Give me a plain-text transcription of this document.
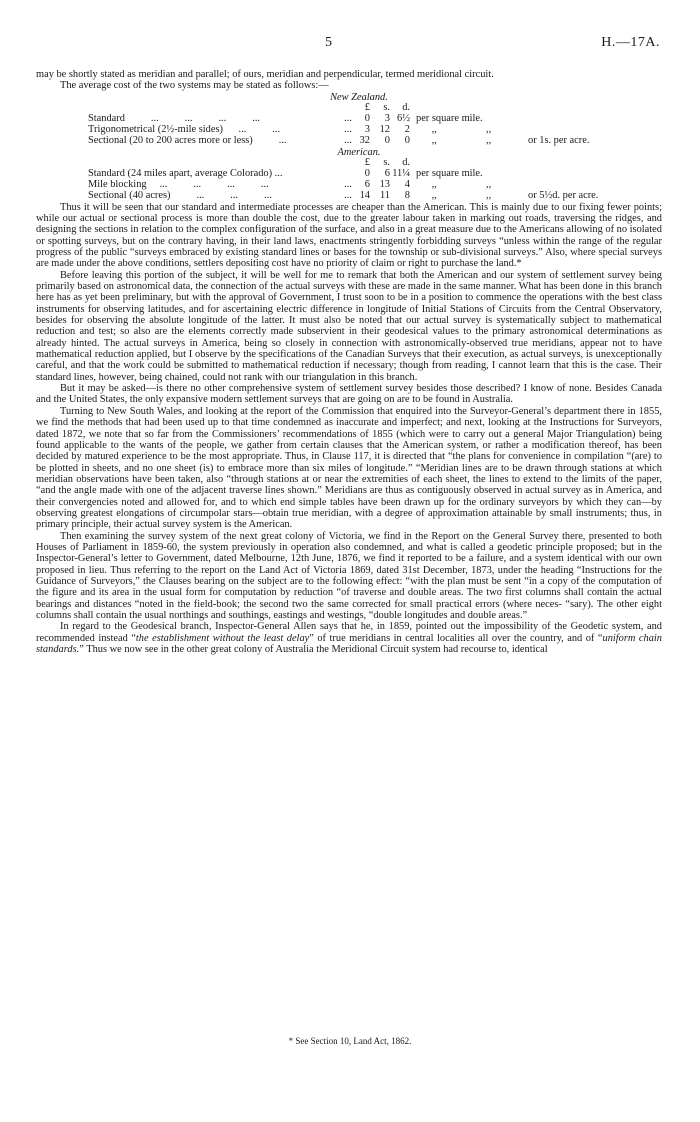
5	H.—17A.

may be shortly stated as meridian and parallel; of ours, meridian and perpendicular, termed meridional circuit.

The average cost of the two systems may be stated as follows:—

New Zealand.
		£	s.	d.			
Standard          ...          ...          ...          ...	...	0	3	6½	per square mile.		
Trigonometrical (2½-mile sides)      ...          ...	...	3	12	2	,,	,,	
Sectional (20 to 200 acres more or less)          ...	...	32	0	0	,,	,,	or 1s. per acre.
American.
		£	s.	d.			
Standard (24 miles apart, average Colorado) ...		0	6	11¼	per square mile.		
Mile blocking     ...          ...          ...          ...	...	6	13	4	,,	,,	
Sectional (40 acres)          ...          ...          ...	...	14	11	8	,,	,,	or 5½d. per acre.

Thus it will be seen that our standard and intermediate processes are cheaper than the American. This is mainly due to our fixing fewer points; while our actual or sectional process is more than double the cost, due to the greater labour taken in marking out roads, traversing the ridges, and designing the sections in relation to the complex configuration of the surface, and also in a great measure due to the Americans allowing of no isolated or spotting surveys, but on the contrary having, in their land laws, enactments stringently forbidding surveys “unless within the range of the regular progress of the public “surveys embraced by existing standard lines or bases for the township or sub-divisional surveys.” Also, where special surveys are made under the above conditions, settlers depositing cost have no priority of claim or right to purchase the land.*

Before leaving this portion of the subject, it will be well for me to remark that both the American and our system of settlement survey being primarily based on astronomical data, the connection of the actual surveys with these are made in the same manner. What has been done in this branch here has as yet been preliminary, but with the approval of Government, I trust soon to be in a position to commence the operations with the best class instruments for observing latitudes, and for ascertaining electric difference in longitude of Initial Stations of Circuits from the Central Observatory, besides for observing the absolute longitude of the latter. It must also be noted that our actual survey is systematically subject to mathematical reduction and test; so also are the elements correctly made subservient in their geodesical values to the primary astronomical determinations as already hinted. The actual surveys in America, being so closely in connection with astronomically-observed true meridians, appear not to have mathematical reduction applied, but I observe by the specifications of the Canadian Surveys that their execution, as actual surveys, is unexceptionally careful, and that the work could be submitted to mathematical reduction if necessary; though from reading, I cannot learn that this is the case. Their standard lines, however, being chained, could not rank with our triangulation in this branch.

But it may be asked—is there no other comprehensive system of settlement survey besides those described? I know of none. Besides Canada and the United States, the only expansive modern settlement surveys that are going on are to be found in Australia.

Turning to New South Wales, and looking at the report of the Commission that enquired into the Surveyor-General’s department there in 1855, we find the methods that had been used up to that time condemned as inaccurate and imperfect; and next, looking at the Instructions for Surveyors, dated 1872, we note that so far from the Commissioners’ recommendations of 1855 (which were to carry out a general Major Triangulation) being found applicable to the wants of the people, we gather from certain clauses that the American system, or rather a modification thereof, has been decided by matured experience to be the most appropriate. Thus, in Clause 117, it is directed that “the plans for convenience in compilation “(are) to be plotted in sheets, and no one sheet (is) to embrace more than six miles of longitude.” “Meridian lines are to be drawn through stations at which meridian observations have been taken, also “through stations at or near the extremities of each sheet, the lines to extend to the limits of the paper, “and the angle made with one of the adjacent traverse lines shown.” Meridians are thus as contiguously observed in actual survey as in America, and their convergencies noted and allowed for, and to which end simple tables have been drawn up for the ordinary surveyors by which they can—by observing greatest elongations of circumpolar stars—obtain true meridian, with a degree of approximation attainable by small instruments; thus, in primary principle, their actual survey system is the American.

Then examining the survey system of the next great colony of Victoria, we find in the Report on the General Survey there, presented to both Houses of Parliament in 1859-60, the system previously in operation also condemned, and what is called a geodetic principle proposed; but in the Inspector-General’s letter to Government, dated Melbourne, 12th June, 1876, we find it reported to be a failure, and a system identical with our own proposed in lieu. Thus referring to the report on the Land Act of Victoria 1869, dated 31st December, 1873, under the heading “Instructions for the Guidance of Surveyors,” the Clauses bearing on the subject are to the following effect: “with the plan must be sent “in a copy of the computation of the figure and its area in the usual form for computation by reduction “of traverse and double areas. The two first columns shall contain the actual bearings and distances “noted in the field-book; the second two the same corrected for small practical errors (where neces- “sary). The other eight columns shall contain the usual northings and southings, eastings and westings, “double longitudes and double areas.”

In regard to the Geodesical branch, Inspector-General Allen says that he, in 1859, pointed out the impossibility of the Geodetic system, and recommended instead “the establishment without the least delay” of true meridians in central localities all over the country, and of “uniform chain standards.” Thus we now see in the other great colony of Australia the Meridional Circuit system had recourse to, identical

* See Section 10, Land Act, 1862.
